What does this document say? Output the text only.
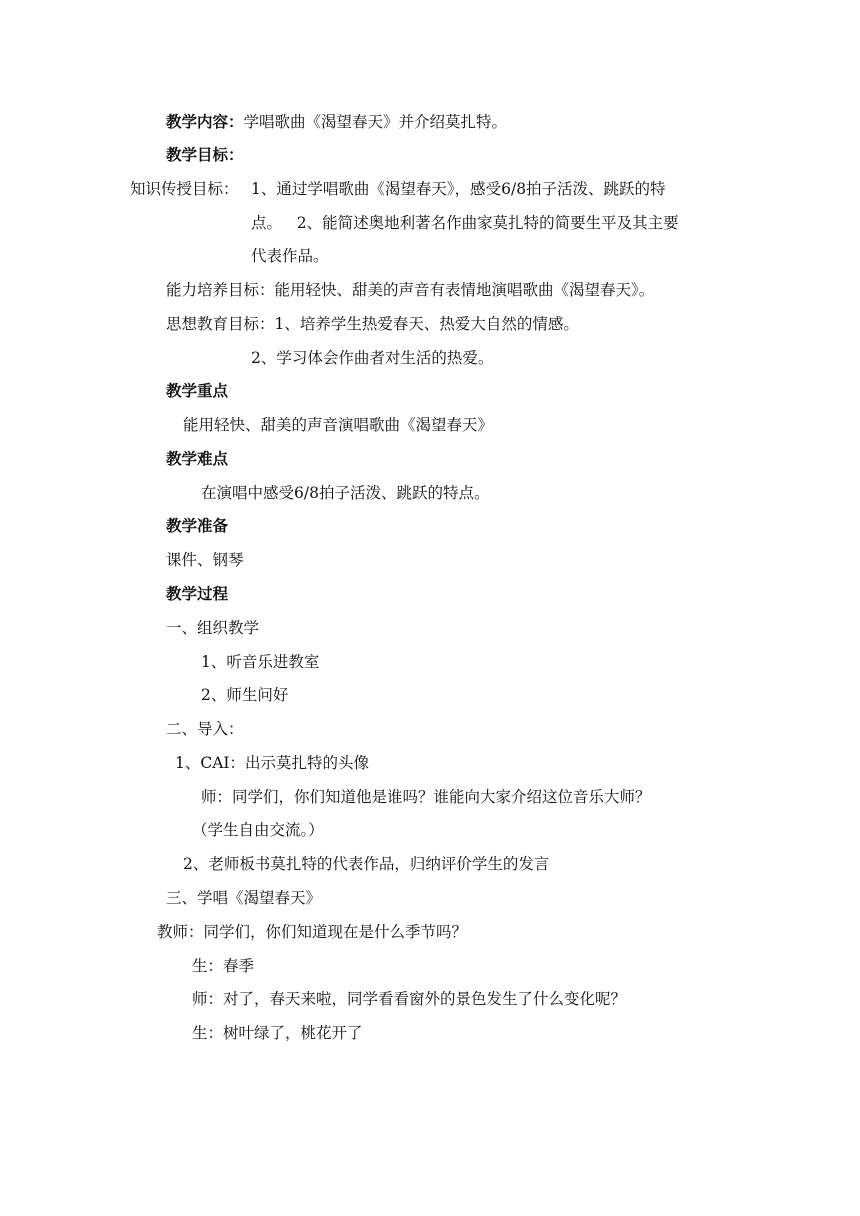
教学内容：学唱歌曲《渴望春天》并介绍莫扎特。
教学目标：
知识传授目标： 1、通过学唱歌曲《渴望春天》，感受6/8拍子活泼、跳跃的特
点。   2、能简述奥地利著名作曲家莫扎特的简要生平及其主要
代表作品。
能力培养目标：能用轻快、甜美的声音有表情地演唱歌曲《渴望春天》。
思想教育目标：1、培养学生热爱春天、热爱大自然的情感。
2、学习体会作曲者对生活的热爱。
教学重点
能用轻快、甜美的声音演唱歌曲《渴望春天》
教学难点
在演唱中感受6/8拍子活泼、跳跃的特点。
教学准备
课件、钢琴
教学过程
一、组织教学
1、听音乐进教室
2、师生问好
二、导入：
1、CAI：出示莫扎特的头像
师：同学们，你们知道他是谁吗？谁能向大家介绍这位音乐大师？
（学生自由交流。）
2、老师板书莫扎特的代表作品，归纳评价学生的发言
三、学唱《渴望春天》
教师：同学们，你们知道现在是什么季节吗？
生：春季
师：对了，春天来啦，同学看看窗外的景色发生了什么变化呢？
生：树叶绿了，桃花开了
